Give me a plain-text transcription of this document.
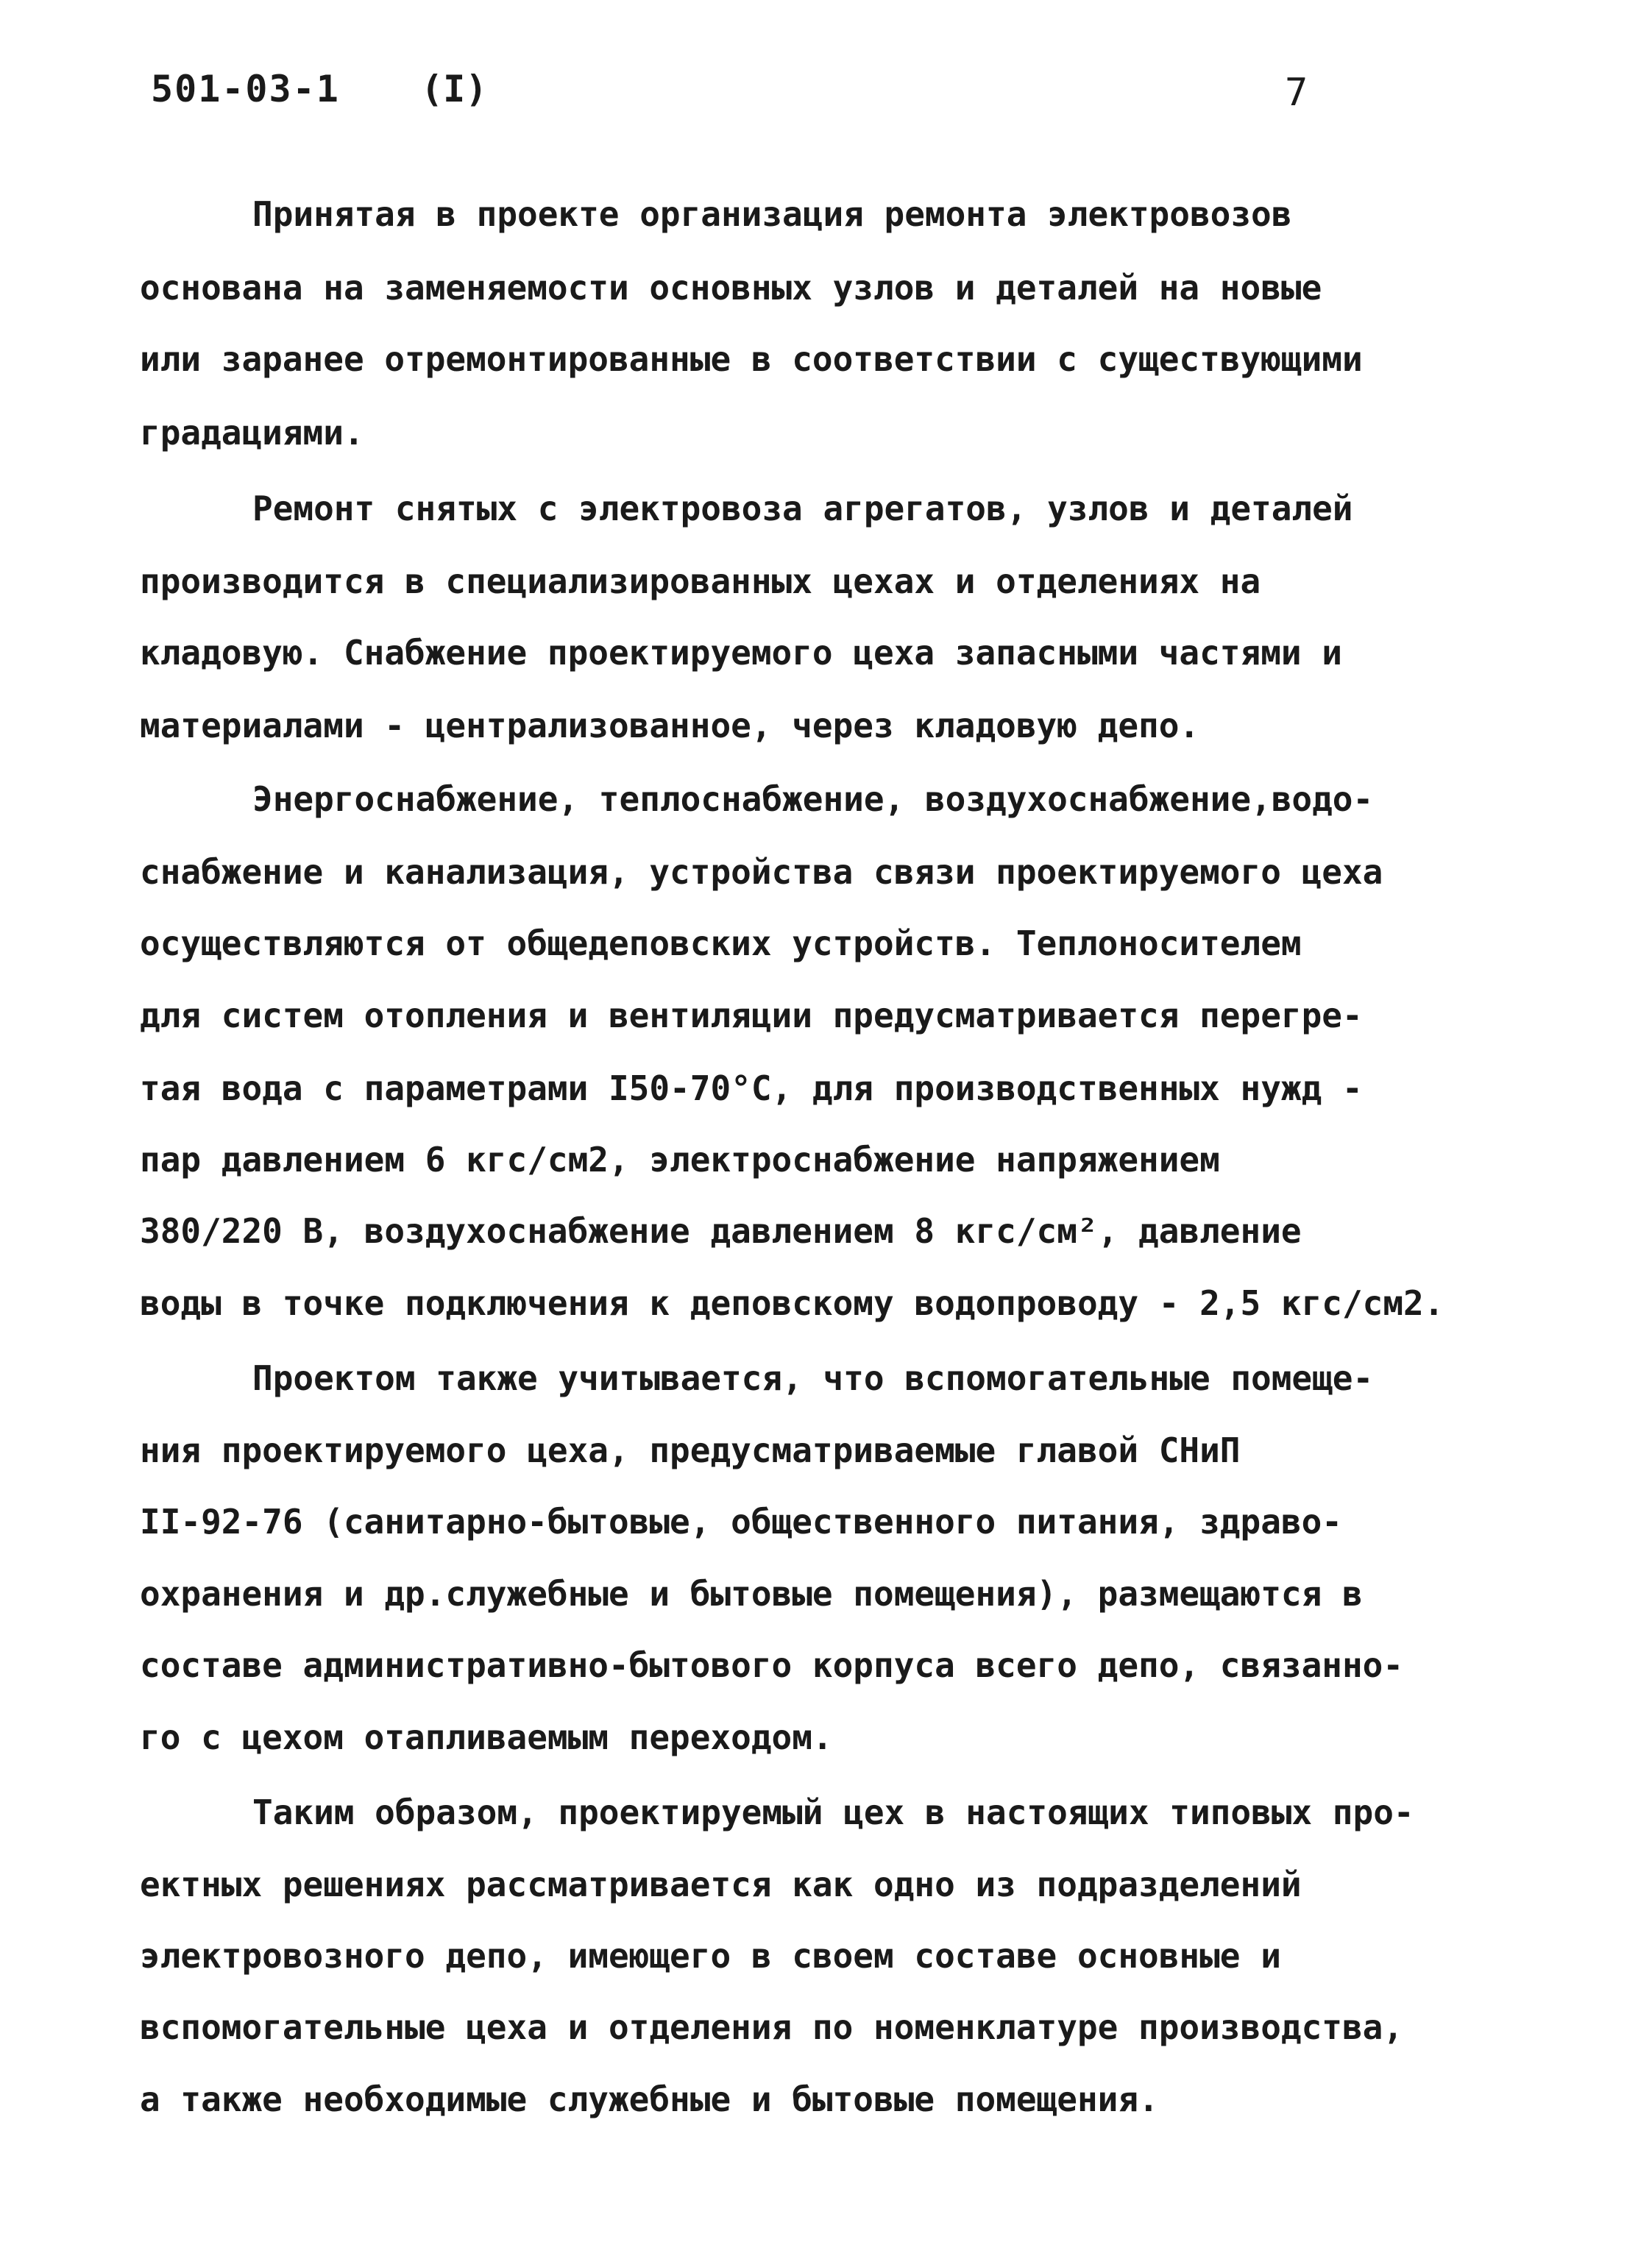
501-03-1 (I)	7
Принятая в проекте организация ремонта электровозов
основана на заменяемости основных узлов и деталей на новые
или заранее отремонтированные в соответствии с существующими
градациями.
Ремонт снятых с электровоза агрегатов, узлов и деталей
производится в специализированных цехах и отделениях на
кладовую. Снабжение проектируемого цеха запасными частями и
материалами - централизованное, через кладовую депо.
Энергоснабжение, теплоснабжение, воздухоснабжение,водо-
снабжение и канализация, устройства связи проектируемого цеха
осуществляются от общедеповских устройств. Теплоносителем
для систем отопления и вентиляции предусматривается перегре-
тая вода с параметрами I50-70°С, для производственных нужд -
пар давлением 6 кгс/см2, электроснабжение напряжением
380/220 В, воздухоснабжение давлением 8 кгс/см², давление
воды в точке подключения к деповскому водопроводу - 2,5 кгс/см2.
Проектом также учитывается, что вспомогательные помеще-
ния проектируемого цеха, предусматриваемые главой СНиП
II-92-76 (санитарно-бытовые, общественного питания, здраво-
охранения и др.служебные и бытовые помещения), размещаются в
составе административно-бытового корпуса всего депо, связанно-
го с цехом отапливаемым переходом.
Таким образом, проектируемый цех в настоящих типовых про-
ектных решениях рассматривается как одно из подразделений
электровозного депо, имеющего в своем составе основные и
вспомогательные цеха и отделения по номенклатуре производства,
а также необходимые служебные и бытовые помещения.
